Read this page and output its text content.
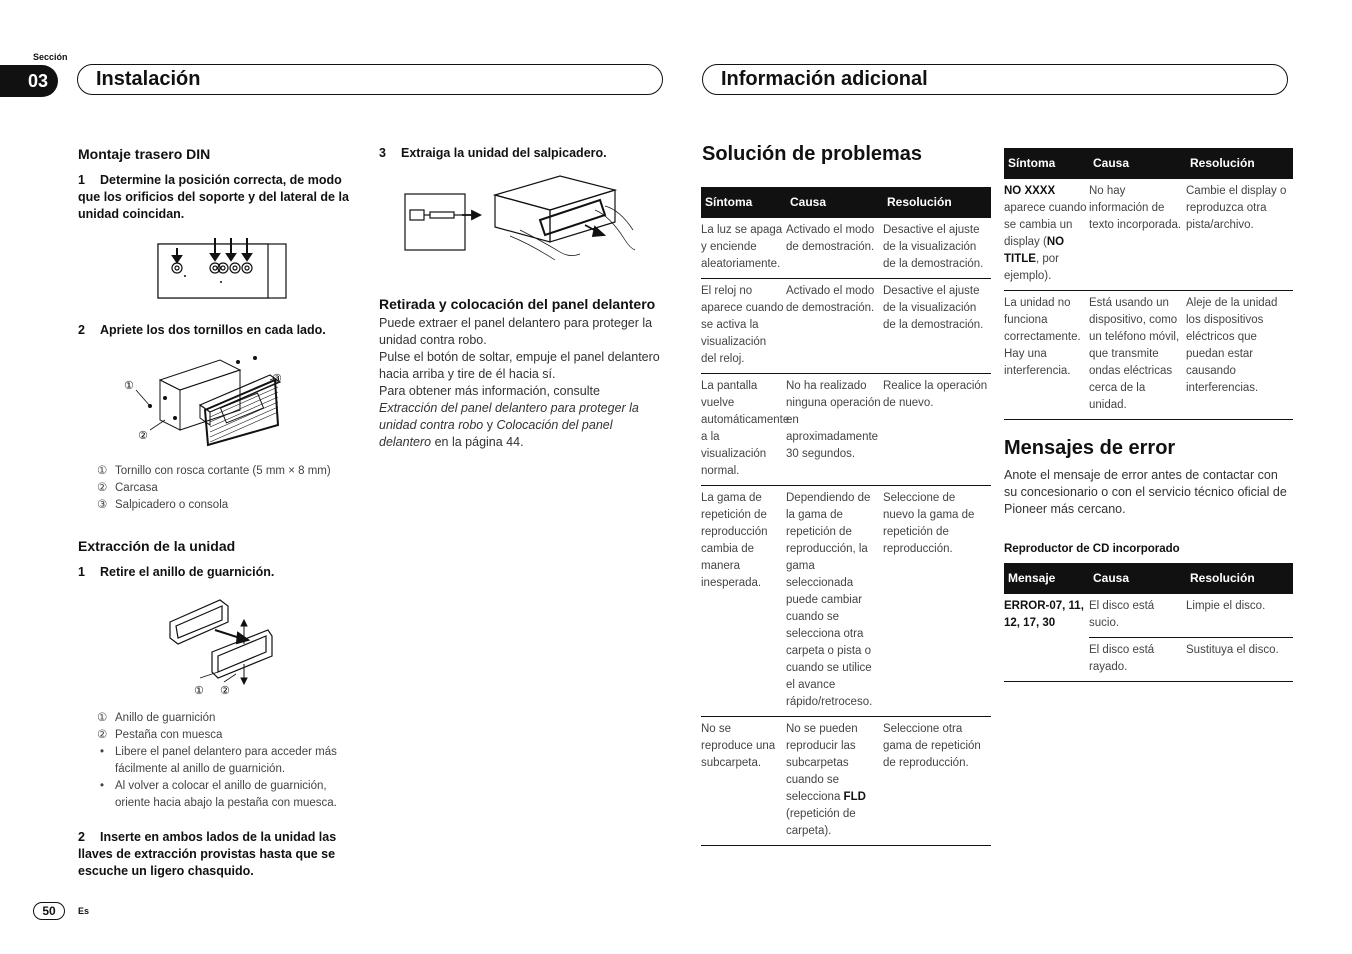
Sección
03	Instalación	Información adicional
Montaje trasero DIN
1 Determine la posición correcta, de modo que los orificios del soporte y del lateral de la unidad coincidan.
2 Apriete los dos tornillos en cada lado.
①
②
③
① Tornillo con rosca cortante (5 mm × 8 mm)
② Carcasa
③ Salpicadero o consola
Extracción de la unidad
1 Retire el anillo de guarnición.
① ②
① Anillo de guarnición
② Pestaña con muesca
• Libere el panel delantero para acceder más fácilmente al anillo de guarnición.
• Al volver a colocar el anillo de guarnición, oriente hacia abajo la pestaña con muesca.
2 Inserte en ambos lados de la unidad las llaves de extracción provistas hasta que se escuche un ligero chasquido.
3 Extraiga la unidad del salpicadero.
Retirada y colocación del panel delantero
Puede extraer el panel delantero para proteger la unidad contra robo.
Pulse el botón de soltar, empuje el panel delantero hacia arriba y tire de él hacia sí.
Para obtener más información, consulte Extracción del panel delantero para proteger la unidad contra robo y Colocación del panel delantero en la página 44.
Solución de problemas
Síntoma	Causa	Resolución
La luz se apaga y enciende aleatoriamente.	Activado el modo de demostración.	Desactive el ajuste de la visualización de la demostración.
El reloj no aparece cuando se activa la visualización del reloj.	Activado el modo de demostración.	Desactive el ajuste de la visualización de la demostración.
La pantalla vuelve automáticamente a la visualización normal.	No ha realizado ninguna operación en aproximadamente 30 segundos.	Realice la operación de nuevo.
La gama de repetición de reproducción cambia de manera inesperada.	Dependiendo de la gama de repetición de reproducción, la gama seleccionada puede cambiar cuando se selecciona otra carpeta o pista o cuando se utilice el avance rápido/retroceso.	Seleccione de nuevo la gama de repetición de reproducción.
No se reproduce una subcarpeta.	No se pueden reproducir las subcarpetas cuando se selecciona FLD (repetición de carpeta).	Seleccione otra gama de repetición de reproducción.
Síntoma	Causa	Resolución
NO XXXX aparece cuando se cambia un display (NO TITLE, por ejemplo).	No hay información de texto incorporada.	Cambie el display o reproduzca otra pista/archivo.
La unidad no funciona correctamente. Hay una interferencia.	Está usando un dispositivo, como un teléfono móvil, que transmite ondas eléctricas cerca de la unidad.	Aleje de la unidad los dispositivos eléctricos que puedan estar causando interferencias.
Mensajes de error
Anote el mensaje de error antes de contactar con su concesionario o con el servicio técnico oficial de Pioneer más cercano.
Reproductor de CD incorporado
Mensaje	Causa	Resolución
ERROR-07, 11, 12, 17, 30	El disco está sucio.	Limpie el disco.
	El disco está rayado.	Sustituya el disco.
50	Es
